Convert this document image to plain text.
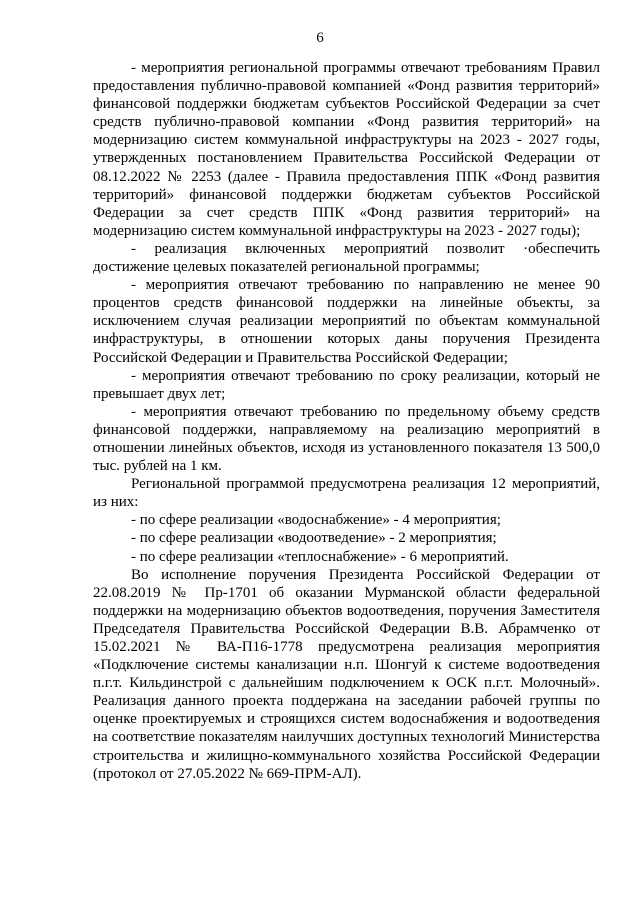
6

- мероприятия региональной программы отвечают требованиям Правил предоставления публично-правовой компанией «Фонд развития территорий» финансовой поддержки бюджетам субъектов Российской Федерации за счет средств публично-правовой компании «Фонд развития территорий» на модернизацию систем коммунальной инфраструктуры на 2023 - 2027 годы, утвержденных постановлением Правительства Российской Федерации от 08.12.2022 № 2253 (далее - Правила предоставления ППК «Фонд развития территорий» финансовой поддержки бюджетам субъектов Российской Федерации за счет средств ППК «Фонд развития территорий» на модернизацию систем коммунальной инфраструктуры на 2023 - 2027 годы);

- реализация включенных мероприятий позволит ·обеспечить достижение целевых показателей региональной программы;

- мероприятия отвечают требованию по направлению не менее 90 процентов средств финансовой поддержки на линейные объекты, за исключением случая реализации мероприятий по объектам коммунальной инфраструктуры, в отношении которых даны поручения Президента Российской Федерации и Правительства Российской Федерации;

- мероприятия отвечают требованию по сроку реализации, который не превышает двух лет;

- мероприятия отвечают требованию по предельному объему средств финансовой поддержки, направляемому на реализацию мероприятий в отношении линейных объектов, исходя из установленного показателя 13 500,0 тыс. рублей на 1 км.

Региональной программой предусмотрена реализация 12 мероприятий, из них:

- по сфере реализации «водоснабжение» - 4 мероприятия;

- по сфере реализации «водоотведение» - 2 мероприятия;

- по сфере реализации «теплоснабжение» - 6 мероприятий.

Во исполнение поручения Президента Российской Федерации от 22.08.2019 № Пр-1701 об оказании Мурманской области федеральной поддержки на модернизацию объектов водоотведения, поручения Заместителя Председателя Правительства Российской Федерации В.В. Абрамченко от 15.02.2021 № ВА-П16-1778 предусмотрена реализация мероприятия «Подключение системы канализации н.п. Шонгуй к системе водоотведения п.г.т. Кильдинстрой с дальнейшим подключением к ОСК п.г.т. Молочный». Реализация данного проекта поддержана на заседании рабочей группы по оценке проектируемых и строящихся систем водоснабжения и водоотведения на соответствие показателям наилучших доступных технологий Министерства строительства и жилищно-коммунального хозяйства Российской Федерации (протокол от 27.05.2022 № 669-ПРМ-АЛ).
